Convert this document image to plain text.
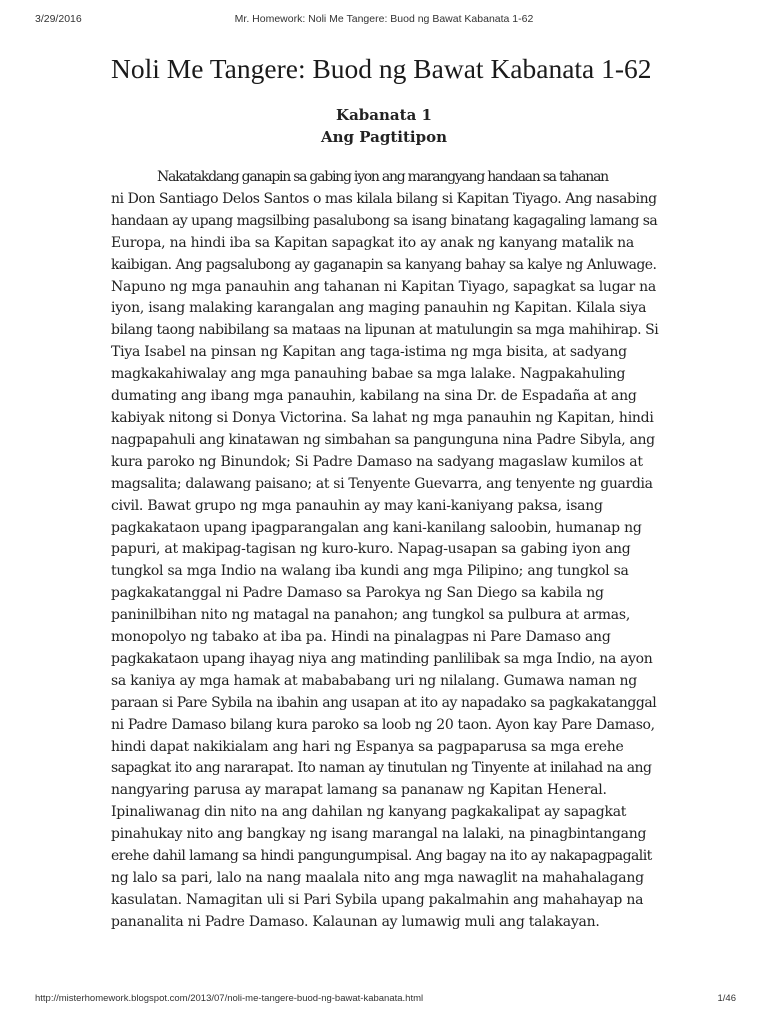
3/29/2016	Mr. Homework: Noli Me Tangere: Buod ng Bawat Kabanata 1-62
Noli Me Tangere: Buod ng Bawat Kabanata 1-62
Kabanata 1
Ang Pagtitipon

Nakatakdang ganapin sa gabing iyon ang marangyang handaan sa tahanan
ni Don Santiago Delos Santos o mas kilala bilang si Kapitan Tiyago. Ang nasabing
handaan ay upang magsilbing pasalubong sa isang binatang kagagaling lamang sa
Europa, na hindi iba sa Kapitan sapagkat ito ay anak ng kanyang matalik na
kaibigan. Ang pagsalubong ay gaganapin sa kanyang bahay sa kalye ng Anluwage.
Napuno ng mga panauhin ang tahanan ni Kapitan Tiyago, sapagkat sa lugar na
iyon, isang malaking karangalan ang maging panauhin ng Kapitan. Kilala siya
bilang taong nabibilang sa mataas na lipunan at matulungin sa mga mahihirap. Si
Tiya Isabel na pinsan ng Kapitan ang taga-istima ng mga bisita, at sadyang
magkakahiwalay ang mga panauhing babae sa mga lalake. Nagpakahuling
dumating ang ibang mga panauhin, kabilang na sina Dr. de Espadaña at ang
kabiyak nitong si Donya Victorina. Sa lahat ng mga panauhin ng Kapitan, hindi
nagpapahuli ang kinatawan ng simbahan sa pangunguna nina Padre Sibyla, ang
kura paroko ng Binundok; Si Padre Damaso na sadyang magaslaw kumilos at
magsalita; dalawang paisano; at si Tenyente Guevarra, ang tenyente ng guardia
civil. Bawat grupo ng mga panauhin ay may kani-kaniyang paksa, isang
pagkakataon upang ipagparangalan ang kani-kanilang saloobin, humanap ng
papuri, at makipag-tagisan ng kuro-kuro. Napag-usapan sa gabing iyon ang
tungkol sa mga Indio na walang iba kundi ang mga Pilipino; ang tungkol sa
pagkakatanggal ni Padre Damaso sa Parokya ng San Diego sa kabila ng
paninilbihan nito ng matagal na panahon; ang tungkol sa pulbura at armas,
monopolyo ng tabako at iba pa. Hindi na pinalagpas ni Pare Damaso ang
pagkakataon upang ihayag niya ang matinding panlilibak sa mga Indio, na ayon
sa kaniya ay mga hamak at mabababang uri ng nilalang. Gumawa naman ng
paraan si Pare Sybila na ibahin ang usapan at ito ay napadako sa pagkakatanggal
ni Padre Damaso bilang kura paroko sa loob ng 20 taon. Ayon kay Pare Damaso,
hindi dapat nakikialam ang hari ng Espanya sa pagpaparusa sa mga erehe
sapagkat ito ang nararapat. Ito naman ay tinutulan ng Tinyente at inilahad na ang
nangyaring parusa ay marapat lamang sa pananaw ng Kapitan Heneral.
Ipinaliwanag din nito na ang dahilan ng kanyang pagkakalipat ay sapagkat
pinahukay nito ang bangkay ng isang marangal na lalaki, na pinagbintangang
erehe dahil lamang sa hindi pangungumpisal. Ang bagay na ito ay nakapagpagalit
ng lalo sa pari, lalo na nang maalala nito ang mga nawaglit na mahahalagang
kasulatan. Namagitan uli si Pari Sybila upang pakalmahin ang mahahayap na
pananalita ni Padre Damaso. Kalaunan ay lumawig muli ang talakayan.

http://misterhomework.blogspot.com/2013/07/noli-me-tangere-buod-ng-bawat-kabanata.html	1/46
